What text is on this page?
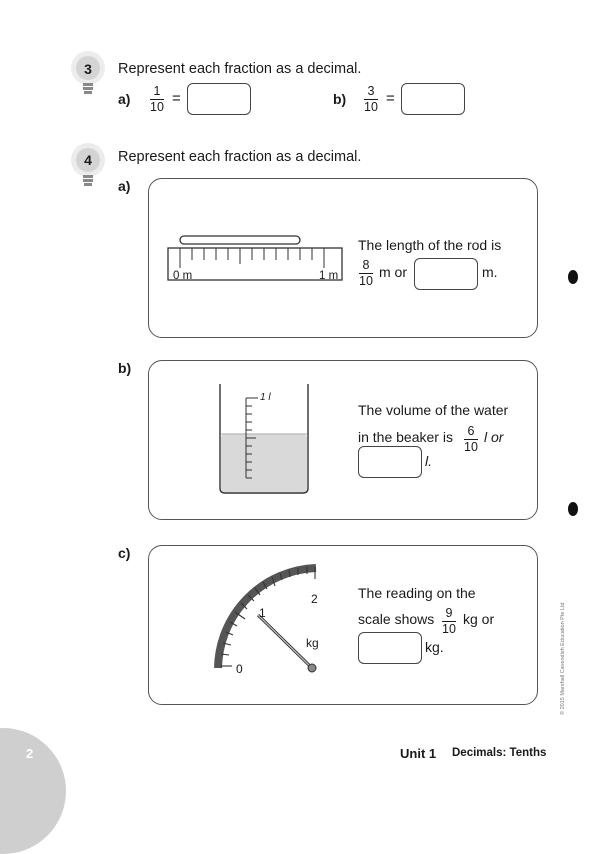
3 Represent each fraction as a decimal.
a) 1
10 =	b) 3
10 =
4 Represent each fraction as a decimal.
a)
0 m	1 m
The length of the rod is
8
10
m or	m.
b)
1 l
The volume of the water
in the beaker is 6
10
l or
l.
c)
0
1
2
kg
The reading on the
scale shows 9
10
kg or
kg.	© 2015 Marshall Cavendish Education Pte Ltd
2	Unit 1 Decimals: Tenths
